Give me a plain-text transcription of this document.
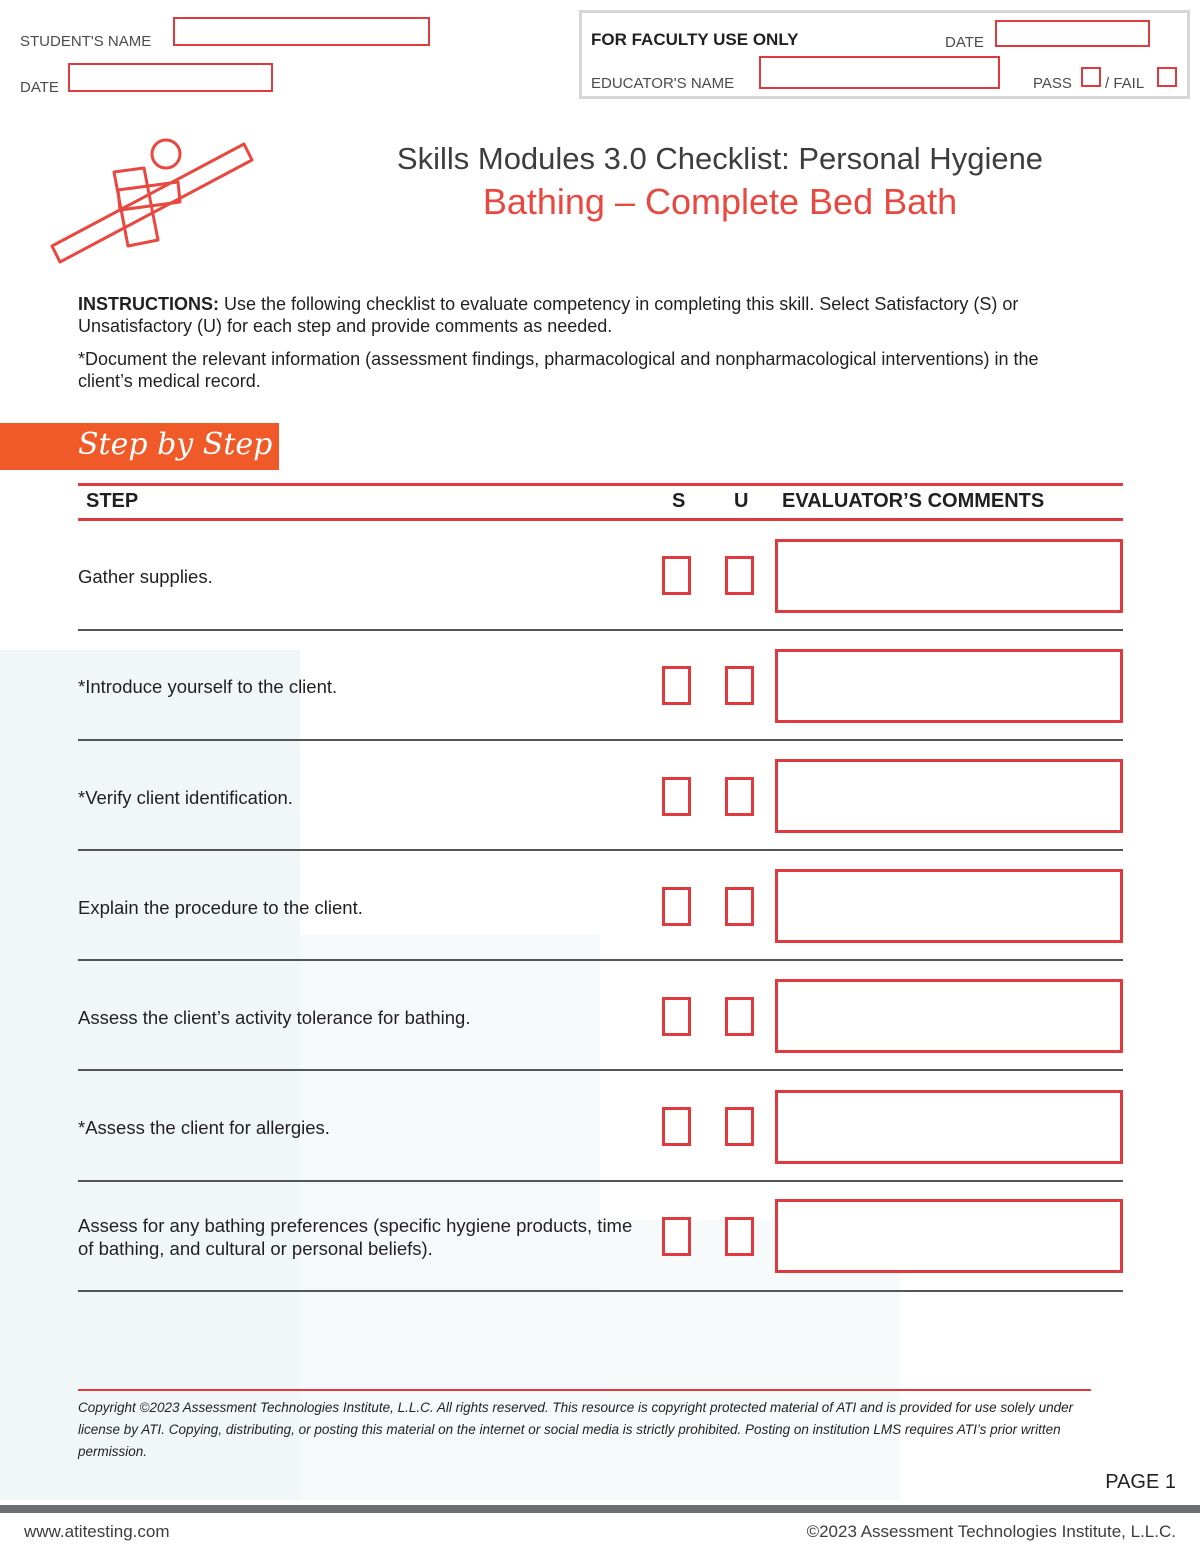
STUDENT'S NAME
DATE
FOR FACULTY USE ONLY	DATE
EDUCATOR'S NAME	PASS / FAIL
Skills Modules 3.0 Checklist: Personal Hygiene
Bathing – Complete Bed Bath
INSTRUCTIONS: Use the following checklist to evaluate competency in completing this skill. Select Satisfactory (S) or Unsatisfactory (U) for each step and provide comments as needed.
*Document the relevant information (assessment findings, pharmacological and nonpharmacological interventions) in the client’s medical record.
Step by Step
STEP	S U EVALUATOR’S COMMENTS
Gather supplies.
*Introduce yourself to the client.
*Verify client identification.
Explain the procedure to the client.
Assess the client’s activity tolerance for bathing.
*Assess the client for allergies.
Assess for any bathing preferences (specific hygiene products, time of bathing, and cultural or personal beliefs).
Copyright ©2023 Assessment Technologies Institute, L.L.C. All rights reserved. This resource is copyright protected material of ATI and is provided for use solely under license by ATI. Copying, distributing, or posting this material on the internet or social media is strictly prohibited. Posting on institution LMS requires ATI’s prior written permission.
PAGE 1
www.atitesting.com	©2023 Assessment Technologies Institute, L.L.C.
